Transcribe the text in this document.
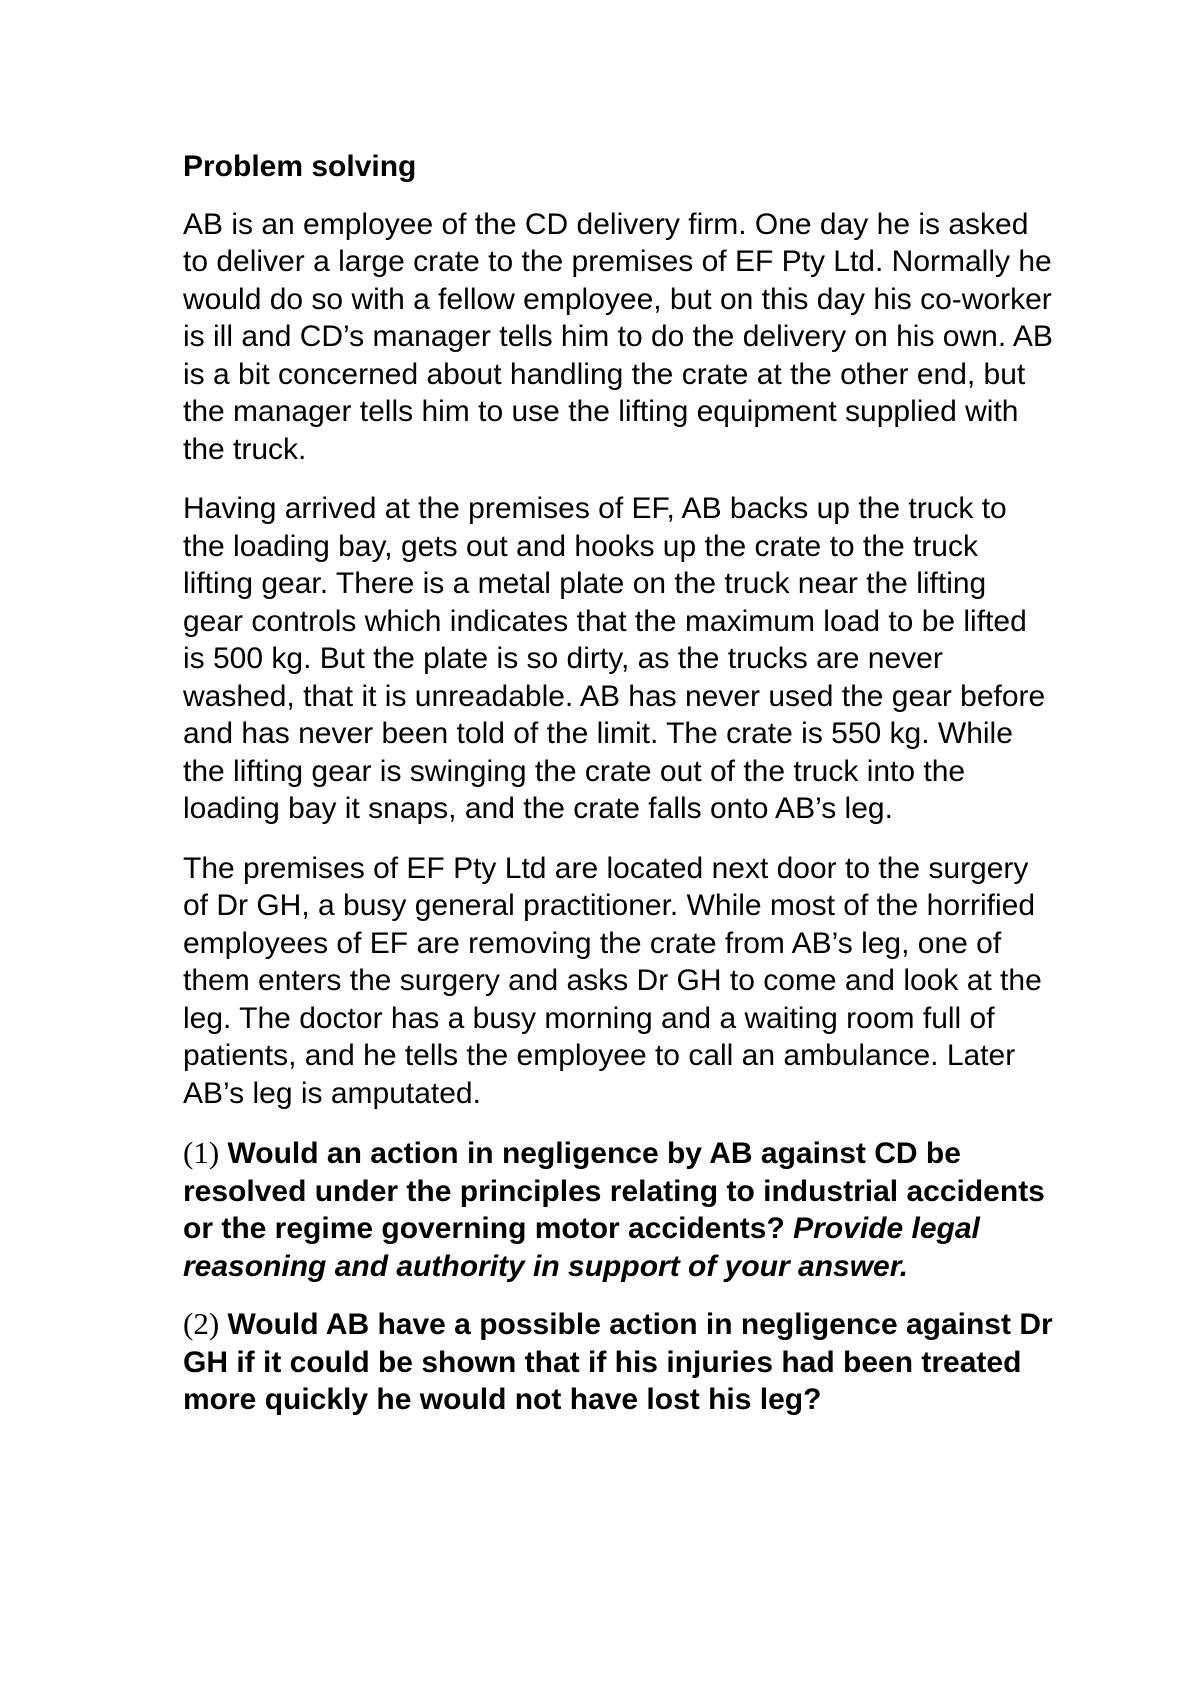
Problem solving

AB is an employee of the CD delivery firm. One day he is asked to deliver a large crate to the premises of EF Pty Ltd. Normally he would do so with a fellow employee, but on this day his co-worker is ill and CD’s manager tells him to do the delivery on his own. AB is a bit concerned about handling the crate at the other end, but the manager tells him to use the lifting equipment supplied with the truck.

Having arrived at the premises of EF, AB backs up the truck to the loading bay, gets out and hooks up the crate to the truck lifting gear. There is a metal plate on the truck near the lifting gear controls which indicates that the maximum load to be lifted is 500 kg. But the plate is so dirty, as the trucks are never washed, that it is unreadable. AB has never used the gear before and has never been told of the limit. The crate is 550 kg. While the lifting gear is swinging the crate out of the truck into the loading bay it snaps, and the crate falls onto AB’s leg.

The premises of EF Pty Ltd are located next door to the surgery of Dr GH, a busy general practitioner. While most of the horrified employees of EF are removing the crate from AB’s leg, one of them enters the surgery and asks Dr GH to come and look at the leg. The doctor has a busy morning and a waiting room full of patients, and he tells the employee to call an ambulance. Later AB’s leg is amputated.

(1) Would an action in negligence by AB against CD be resolved under the principles relating to industrial accidents or the regime governing motor accidents? Provide legal reasoning and authority in support of your answer.

(2) Would AB have a possible action in negligence against Dr GH if it could be shown that if his injuries had been treated more quickly he would not have lost his leg?
